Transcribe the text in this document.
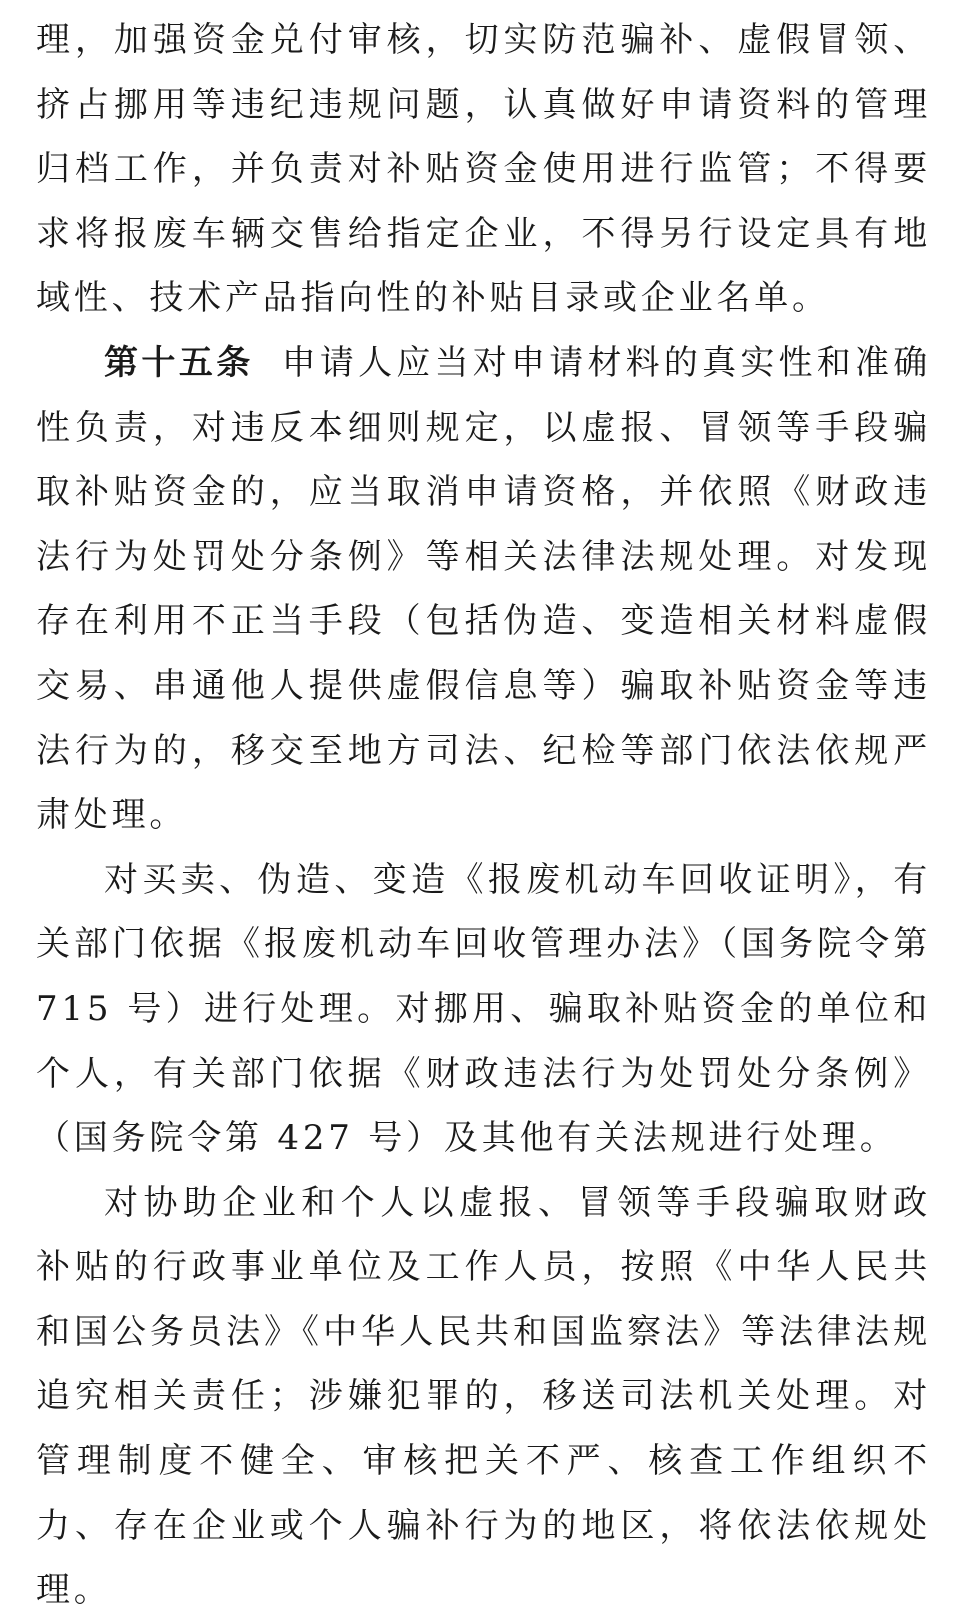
理，加强资金兑付审核，切实防范骗补、虚假冒领、挤占挪用等违纪违规问题，认真做好申请资料的管理归档工作，并负责对补贴资金使用进行监管；不得要求将报废车辆交售给指定企业，不得另行设定具有地域性、技术产品指向性的补贴目录或企业名单。

第十五条 申请人应当对申请材料的真实性和准确性负责，对违反本细则规定，以虚报、冒领等手段骗取补贴资金的，应当取消申请资格，并依照《财政违法行为处罚处分条例》等相关法律法规处理。对发现存在利用不正当手段（包括伪造、变造相关材料虚假交易、串通他人提供虚假信息等）骗取补贴资金等违法行为的，移交至地方司法、纪检等部门依法依规严肃处理。

对买卖、伪造、变造《报废机动车回收证明》，有关部门依据《报废机动车回收管理办法》（国务院令第 715 号）进行处理。对挪用、骗取补贴资金的单位和个人，有关部门依据《财政违法行为处罚处分条例》（国务院令第 427 号）及其他有关法规进行处理。

对协助企业和个人以虚报、冒领等手段骗取财政补贴的行政事业单位及工作人员，按照《中华人民共和国公务员法》《中华人民共和国监察法》等法律法规追究相关责任；涉嫌犯罪的，移送司法机关处理。对管理制度不健全、审核把关不严、核查工作组织不力、存在企业或个人骗补行为的地区，将依法依规处理。
